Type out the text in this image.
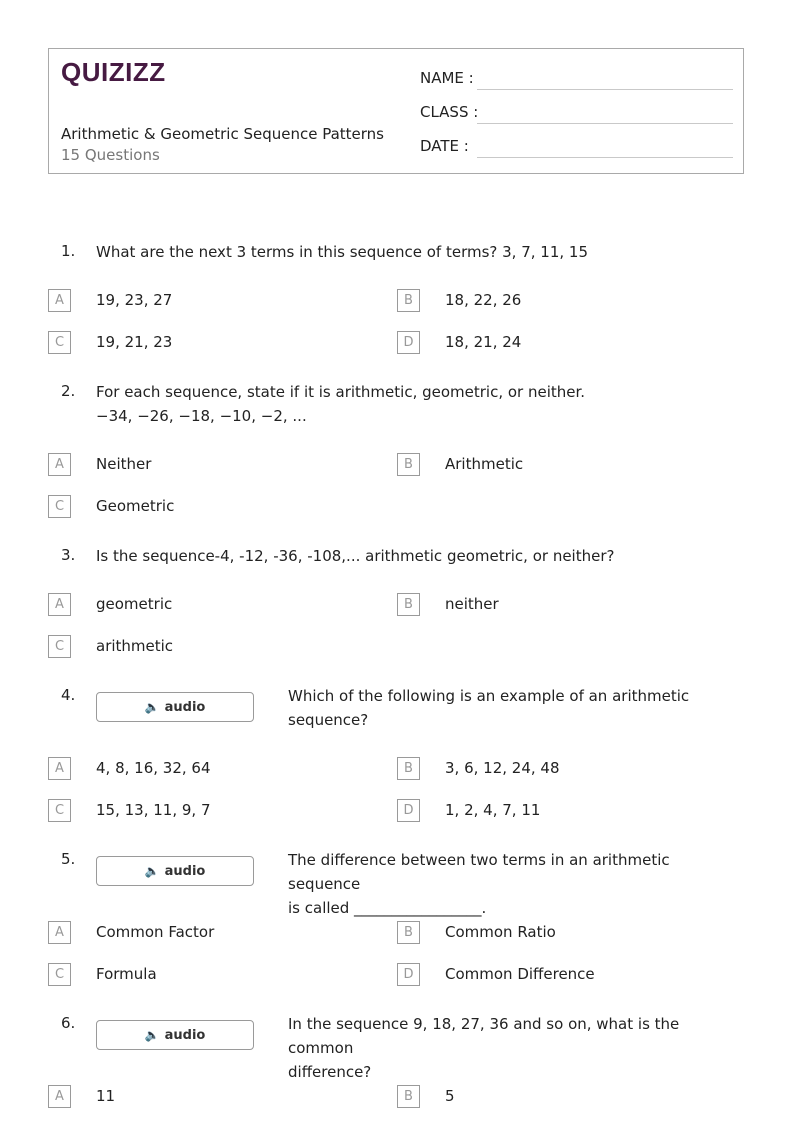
QUIZIZZ
Arithmetic & Geometric Sequence Patterns
15 Questions
NAME :
CLASS :
DATE :
1. What are the next 3 terms in this sequence of terms? 3, 7, 11, 15
A	19, 23, 27	B	18, 22, 26
C	19, 21, 23	D	18, 21, 24
2. For each sequence, state if it is arithmetic, geometric, or neither.
−34, −26, −18, −10, −2, ...
A	Neither	B	Arithmetic
C	Geometric
3. Is the sequence-4, -12, -36, -108,... arithmetic geometric, or neither?
A	geometric	B	neither
C	arithmetic
4.
🔈 audio
Which of the following is an example of an arithmetic
sequence?
A	4, 8, 16, 32, 64	B	3, 6, 12, 24, 48
C	15, 13, 11, 9, 7	D	1, 2, 4, 7, 11
5.
🔈 audio
The difference between two terms in an arithmetic sequence
is called _________________.
A	Common Factor	B	Common Ratio
C	Formula	D	Common Difference
6.
🔈 audio
In the sequence 9, 18, 27, 36 and so on, what is the common
difference?
A	11	B	5
